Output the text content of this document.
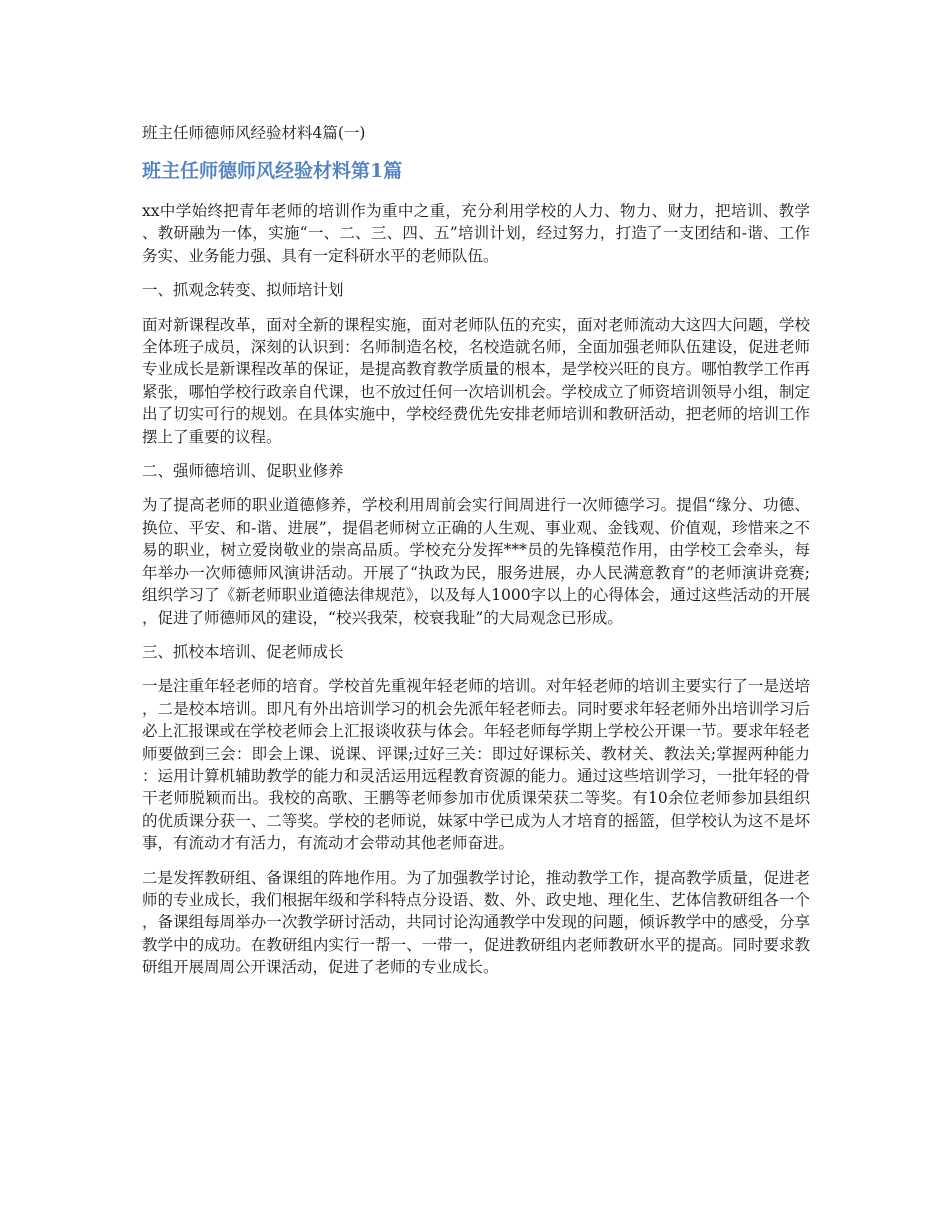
班主任师德师风经验材料4篇(一)
班主任师德师风经验材料第1篇

xx中学始终把青年老师的培训作为重中之重，充分利用学校的人力、物力、财力，把培训、教学、教研融为一体，实施“一、二、三、四、五”培训计划，经过努力，打造了一支团结和-谐、工作务实、业务能力强、具有一定科研水平的老师队伍。

一、抓观念转变、拟师培计划

面对新课程改革，面对全新的课程实施，面对老师队伍的充实，面对老师流动大这四大问题，学校全体班子成员，深刻的认识到：名师制造名校，名校造就名师，全面加强老师队伍建设，促进老师专业成长是新课程改革的保证，是提高教育教学质量的根本，是学校兴旺的良方。哪怕教学工作再紧张，哪怕学校行政亲自代课，也不放过任何一次培训机会。学校成立了师资培训领导小组，制定出了切实可行的规划。在具体实施中，学校经费优先安排老师培训和教研活动，把老师的培训工作摆上了重要的议程。

二、强师德培训、促职业修养

为了提高老师的职业道德修养，学校利用周前会实行间周进行一次师德学习。提倡“缘分、功德、换位、平安、和-谐、进展”，提倡老师树立正确的人生观、事业观、金钱观、价值观，珍惜来之不易的职业，树立爱岗敬业的崇高品质。学校充分发挥***员的先锋模范作用，由学校工会牵头，每年举办一次师德师风演讲活动。开展了“执政为民，服务进展，办人民满意教育”的老师演讲竞赛;组织学习了《新老师职业道德法律规范》，以及每人1000字以上的心得体会，通过这些活动的开展，促进了师德师风的建设，“校兴我荣，校衰我耻”的大局观念已形成。

三、抓校本培训、促老师成长

一是注重年轻老师的培育。学校首先重视年轻老师的培训。对年轻老师的培训主要实行了一是送培，二是校本培训。即凡有外出培训学习的机会先派年轻老师去。同时要求年轻老师外出培训学习后必上汇报课或在学校老师会上汇报谈收获与体会。年轻老师每学期上学校公开课一节。要求年轻老师要做到三会：即会上课、说课、评课;过好三关：即过好课标关、教材关、教法关;掌握两种能力：运用计算机辅助教学的能力和灵活运用远程教育资源的能力。通过这些培训学习，一批年轻的骨干老师脱颖而出。我校的高歌、王鹏等老师参加市优质课荣获二等奖。有10余位老师参加县组织的优质课分获一、二等奖。学校的老师说，妹冢中学已成为人才培育的摇篮，但学校认为这不是坏事，有流动才有活力，有流动才会带动其他老师奋进。

二是发挥教研组、备课组的阵地作用。为了加强教学讨论，推动教学工作，提高教学质量，促进老师的专业成长，我们根据年级和学科特点分设语、数、外、政史地、理化生、艺体信教研组各一个，备课组每周举办一次教学研讨活动，共同讨论沟通教学中发现的问题，倾诉教学中的感受，分享教学中的成功。在教研组内实行一帮一、一带一，促进教研组内老师教研水平的提高。同时要求教研组开展周周公开课活动，促进了老师的专业成长。
